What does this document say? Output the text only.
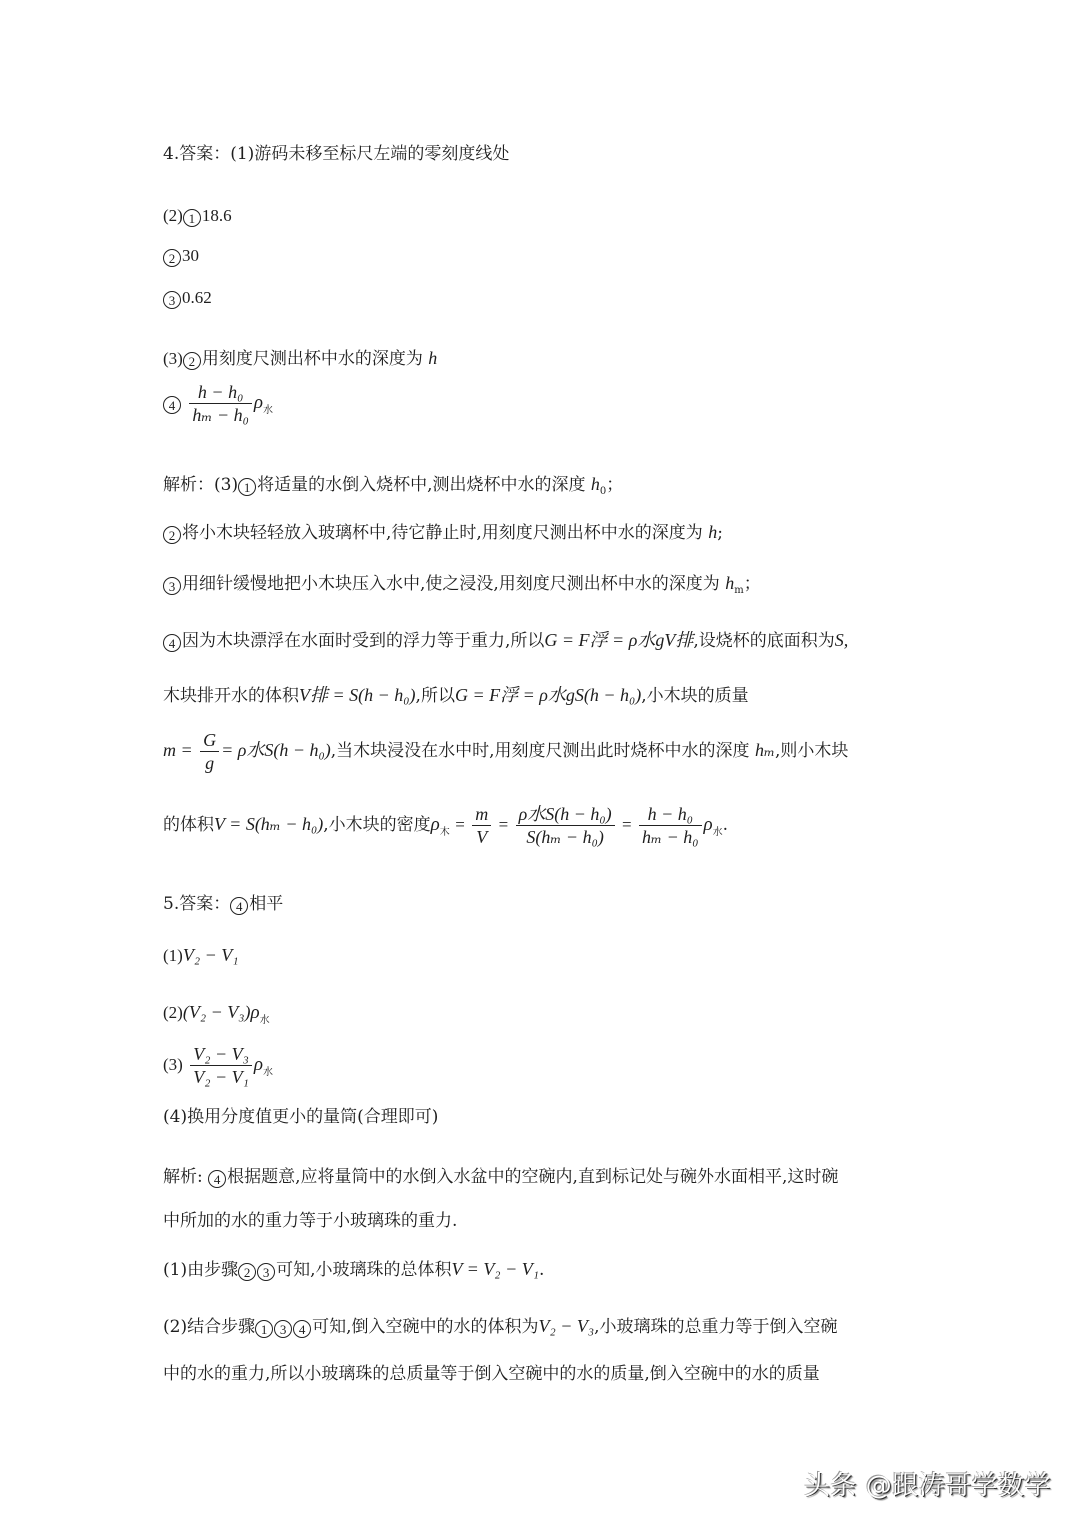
4.答案：(1)游码未移至标尺左端的零刻度线处
(2) 1 18.6
2 30
3 0.62
(3) 2 用刻度尺测出杯中水的深度为 h
$4 \frac{\text{h − h₀}}{\text{hₘ − h₀}} \rho_水$
解析：(3) 1 将适量的水倒入烧杯中,测出烧杯中水的深度 $h_0$；
2 将小木块轻轻放入玻璃杯中,待它静止时,用刻度尺测出杯中水的深度为 h;
3 用细针缓慢地把小木块压入水中,使之浸没,用刻度尺测出杯中水的深度为 $h_m$；
4 因为木块漂浮在水面时受到的浮力等于重力,所以G = F浮 = ρ水gV排,设烧杯的底面积为S,
木块排开水的体积V排 = S(h − h₀),所以G = F浮 = ρ水gS(h − h₀),小木块的质量
$m = \frac{G}{g} = \rho$水S(h − h₀),当木块浸没在水中时,用刻度尺测出此时烧杯中水的深度 hₘ,则小木块
的体积V = S(hₘ − h₀),小木块的密度$\rho_木 = \frac{m}{V} = \frac{\text{ρ水S(h − h₀)}}{\text{S(hₘ − h₀)}} = \frac{\text{h − h₀}}{\text{hₘ − h₀}} \rho_水$.
5.答案： 4 相平
(1)V₂ − V₁
$(2)(V_2 - V_3)\rho_水$
$(3) \frac{\text{V₂ − V₃}}{\text{V₂ − V₁}} \rho_水$
(4)换用分度值更小的量筒(合理即可)
解析: 4 根据题意,应将量筒中的水倒入水盆中的空碗内,直到标记处与碗外水面相平,这时碗
中所加的水的重力等于小玻璃珠的重力.
(1)由步骤 2 3 可知,小玻璃珠的总体积V = V₂ − V₁.
(2)结合步骤 1 3 4 可知,倒入空碗中的水的体积为V₂ − V₃,小玻璃珠的总重力等于倒入空碗
中的水的重力,所以小玻璃珠的总质量等于倒入空碗中的水的质量,倒入空碗中的水的质量
头条 @跟涛哥学数学
